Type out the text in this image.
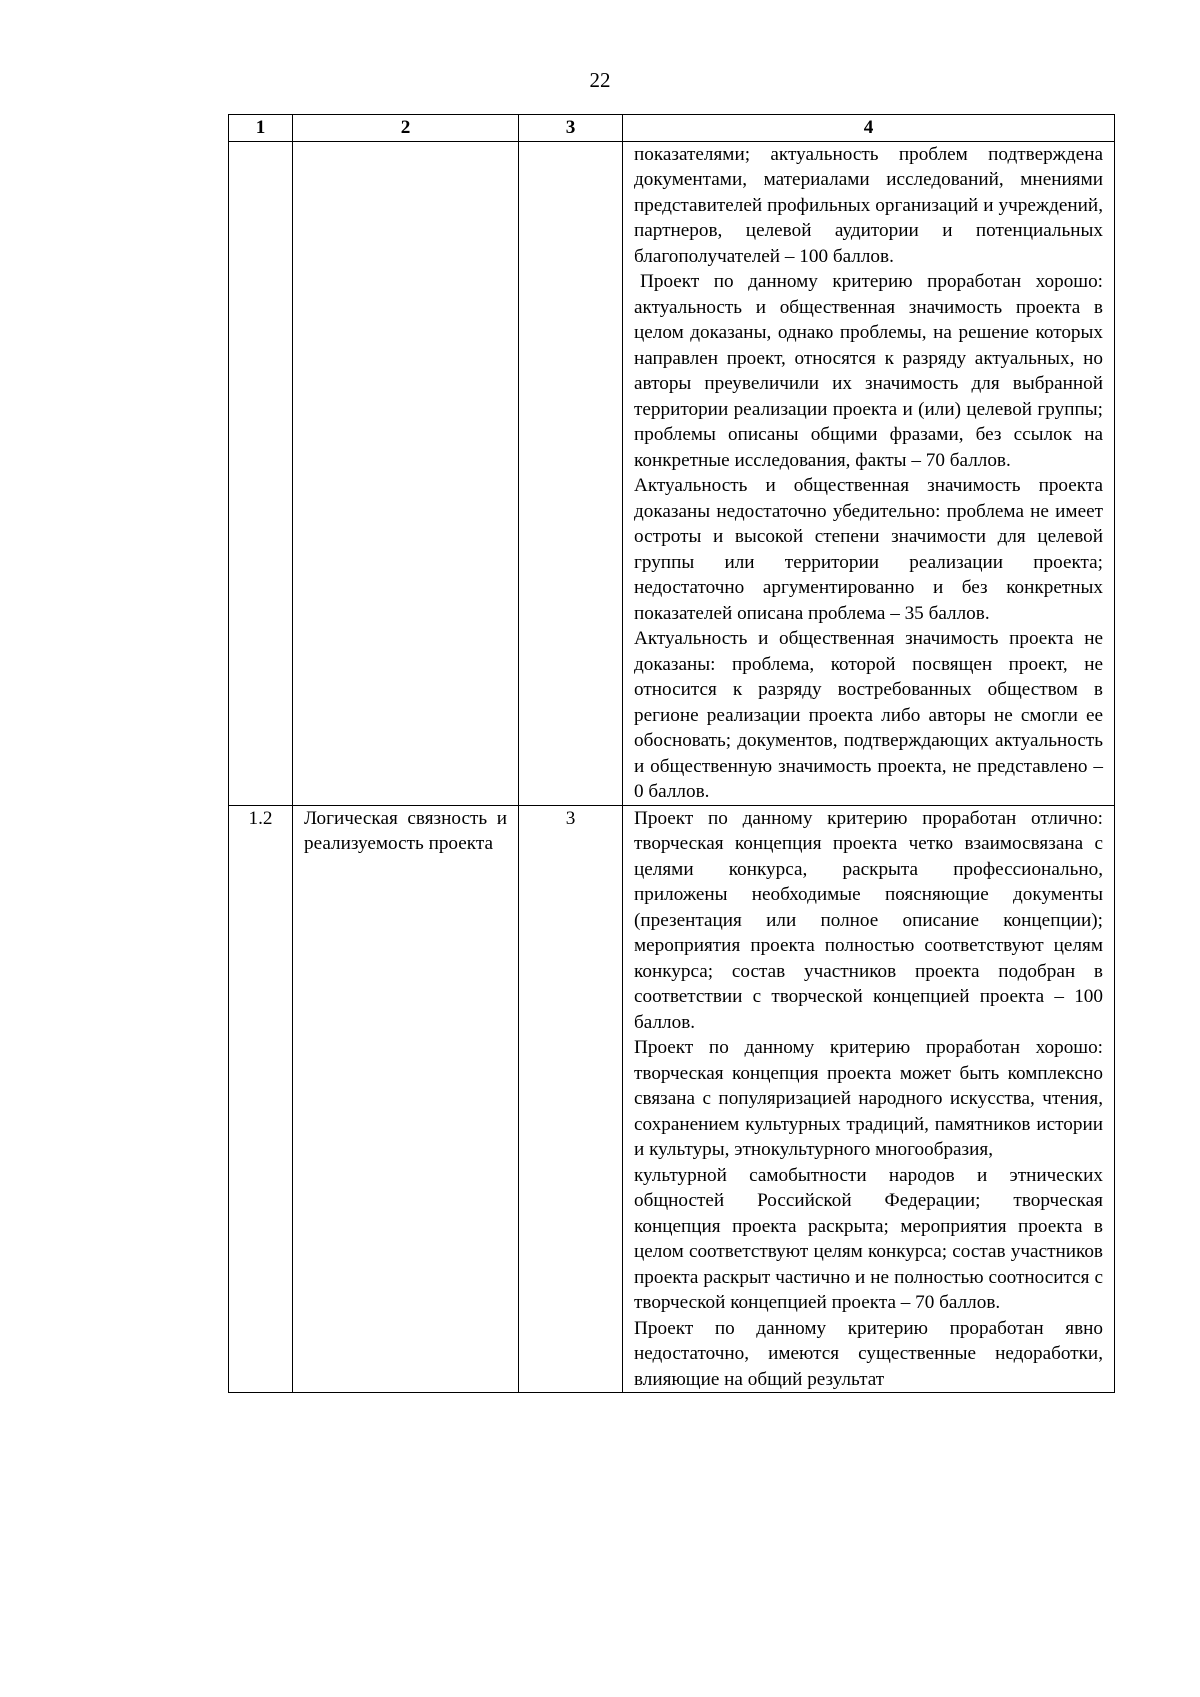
22
1	2	3	4

			показателями; актуальность проблем подтверждена документами, материалами исследований, мнениями представителей профильных организаций и учреждений, партнеров, целевой аудитории и потенциальных благополучателей – 100 баллов.
Проект по данному критерию проработан хорошо: актуальность и общественная значимость проекта в целом доказаны, однако проблемы, на решение которых направлен проект, относятся к разряду актуальных, но авторы преувеличили их значимость для выбранной территории реализации проекта и (или) целевой группы; проблемы описаны общими фразами, без ссылок на конкретные исследования, факты – 70 баллов.
Актуальность и общественная значимость проекта доказаны недостаточно убедительно: проблема не имеет остроты и высокой степени значимости для целевой группы или территории реализации проекта; недостаточно аргументированно и без конкретных показателей описана проблема – 35 баллов.
Актуальность и общественная значимость проекта не доказаны: проблема, которой посвящен проект, не относится к разряду востребованных обществом в регионе реализации проекта либо авторы не смогли ее обосновать; документов, подтверждающих актуальность и общественную значимость проекта, не представлено – 0 баллов.

1.2	Логическая связность и реализуемость проекта	3	Проект по данному критерию проработан отлично: творческая концепция проекта четко взаимосвязана с целями конкурса, раскрыта профессионально, приложены необходимые поясняющие документы (презентация или полное описание концепции); мероприятия проекта полностью соответствуют целям конкурса; состав участников проекта подобран в соответствии с творческой концепцией проекта – 100 баллов.
Проект по данному критерию проработан хорошо: творческая концепция проекта может быть комплексно связана с популяризацией народного искусства, чтения, сохранением культурных традиций, памятников истории и культуры, этнокультурного многообразия,
культурной самобытности народов и этнических общностей Российской Федерации; творческая концепция проекта раскрыта; мероприятия проекта в целом соответствуют целям конкурса; состав участников проекта раскрыт частично и не полностью соотносится с творческой концепцией проекта – 70 баллов.
Проект по данному критерию проработан явно недостаточно, имеются существенные недоработки, влияющие на общий результат
